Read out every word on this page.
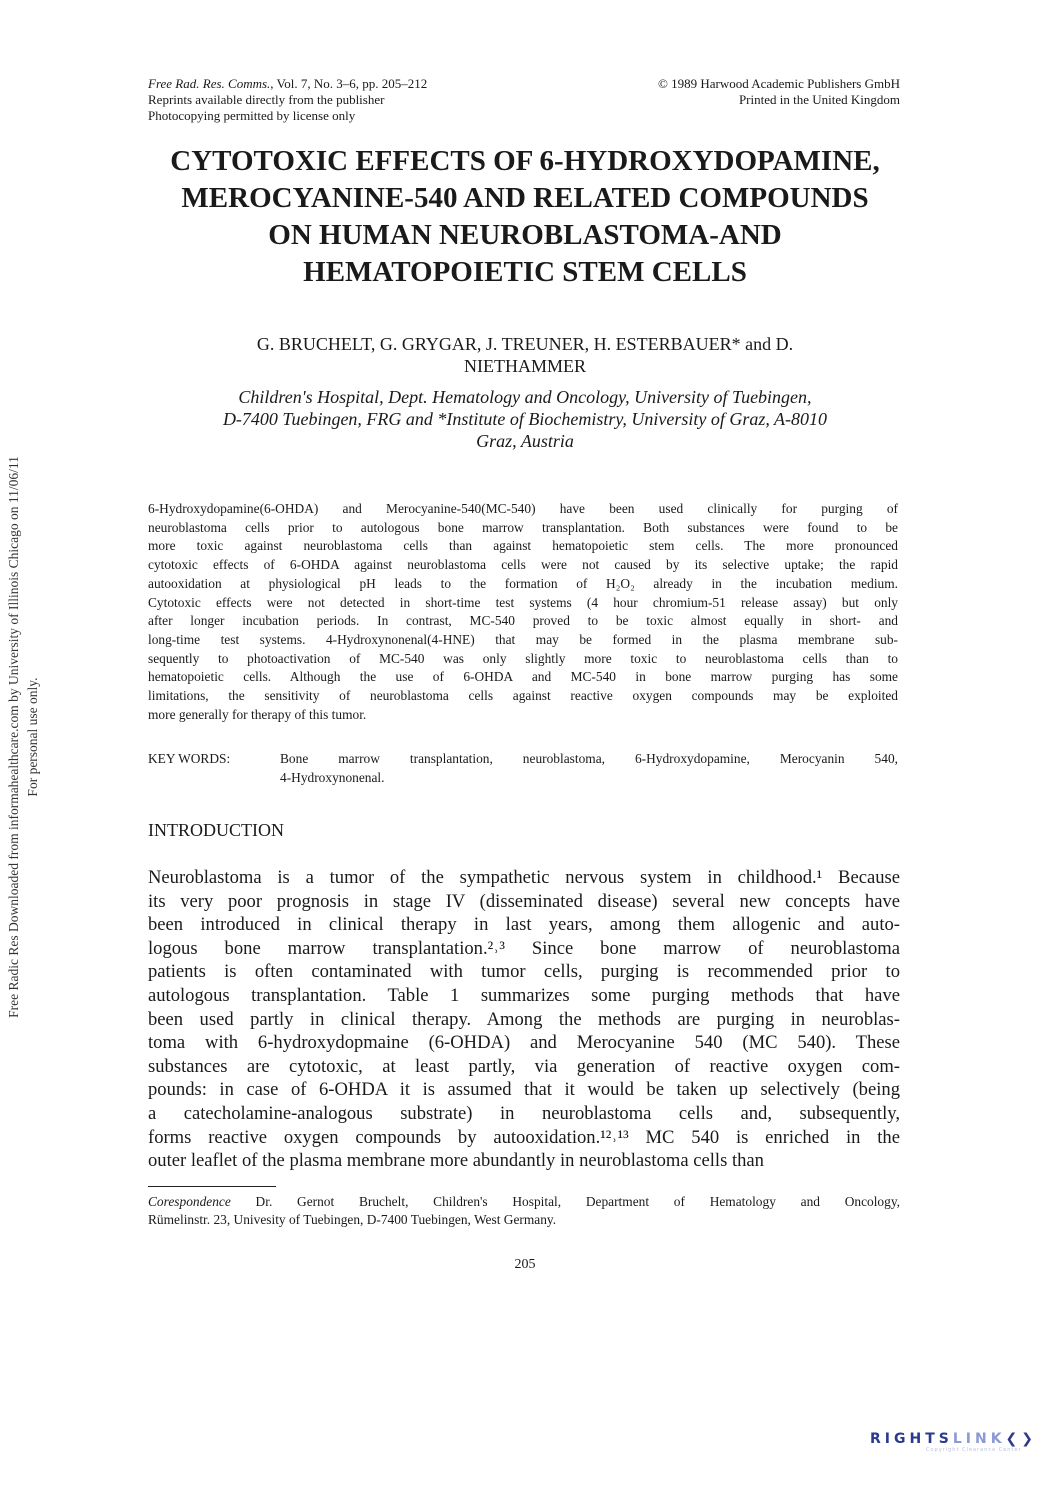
Free Rad. Res. Comms., Vol. 7, No. 3–6, pp. 205–212
Reprints available directly from the publisher
Photocopying permitted by license only
© 1989 Harwood Academic Publishers GmbH
Printed in the United Kingdom
CYTOTOXIC EFFECTS OF 6-HYDROXYDOPAMINE,
MEROCYANINE-540 AND RELATED COMPOUNDS
ON HUMAN NEUROBLASTOMA-AND
HEMATOPOIETIC STEM CELLS
G. BRUCHELT, G. GRYGAR, J. TREUNER, H. ESTERBAUER* and D.
NIETHAMMER
Children's Hospital, Dept. Hematology and Oncology, University of Tuebingen,
D-7400 Tuebingen, FRG and *Institute of Biochemistry, University of Graz, A-8010
Graz, Austria
6-Hydroxydopamine(6-OHDA) and Merocyanine-540(MC-540) have been used clinically for purging of
neuroblastoma cells prior to autologous bone marrow transplantation. Both substances were found to be
more toxic against neuroblastoma cells than against hematopoietic stem cells. The more pronounced
cytotoxic effects of 6-OHDA against neuroblastoma cells were not caused by its selective uptake; the rapid
autooxidation at physiological pH leads to the formation of H₂O₂ already in the incubation medium.
Cytotoxic effects were not detected in short-time test systems (4 hour chromium-51 release assay) but only
after longer incubation periods. In contrast, MC-540 proved to be toxic almost equally in short- and
long-time test systems. 4-Hydroxynonenal(4-HNE) that may be formed in the plasma membrane sub-
sequently to photoactivation of MC-540 was only slightly more toxic to neuroblastoma cells than to
hematopoietic cells. Although the use of 6-OHDA and MC-540 in bone marrow purging has some
limitations, the sensitivity of neuroblastoma cells against reactive oxygen compounds may be exploited
more generally for therapy of this tumor.
KEY WORDS:	Bone marrow transplantation, neuroblastoma, 6-Hydroxydopamine, Merocyanin 540,
4-Hydroxynonenal.
INTRODUCTION
Neuroblastoma is a tumor of the sympathetic nervous system in childhood.¹ Because
its very poor prognosis in stage IV (disseminated disease) several new concepts have
been introduced in clinical therapy in last years, among them allogenic and auto-
logous bone marrow transplantation.²˒³ Since bone marrow of neuroblastoma
patients is often contaminated with tumor cells, purging is recommended prior to
autologous transplantation. Table 1 summarizes some purging methods that have
been used partly in clinical therapy. Among the methods are purging in neuroblas-
toma with 6-hydroxydopmaine (6-OHDA) and Merocyanine 540 (MC 540). These
substances are cytotoxic, at least partly, via generation of reactive oxygen com-
pounds: in case of 6-OHDA it is assumed that it would be taken up selectively (being
a catecholamine-analogous substrate) in neuroblastoma cells and, subsequently,
forms reactive oxygen compounds by autooxidation.¹²˒¹³ MC 540 is enriched in the
outer leaflet of the plasma membrane more abundantly in neuroblastoma cells than
Corespondence Dr. Gernot Bruchelt, Children's Hospital, Department of Hematology and Oncology,
Rümelinstr. 23, Univesity of Tuebingen, D-7400 Tuebingen, West Germany.
205
Free Radic Res Downloaded from informahealthcare.com by University of Illinois Chicago on 11/06/11 For personal use only.
RIGHTSLINK❮❯
Copyright Clearance Center
